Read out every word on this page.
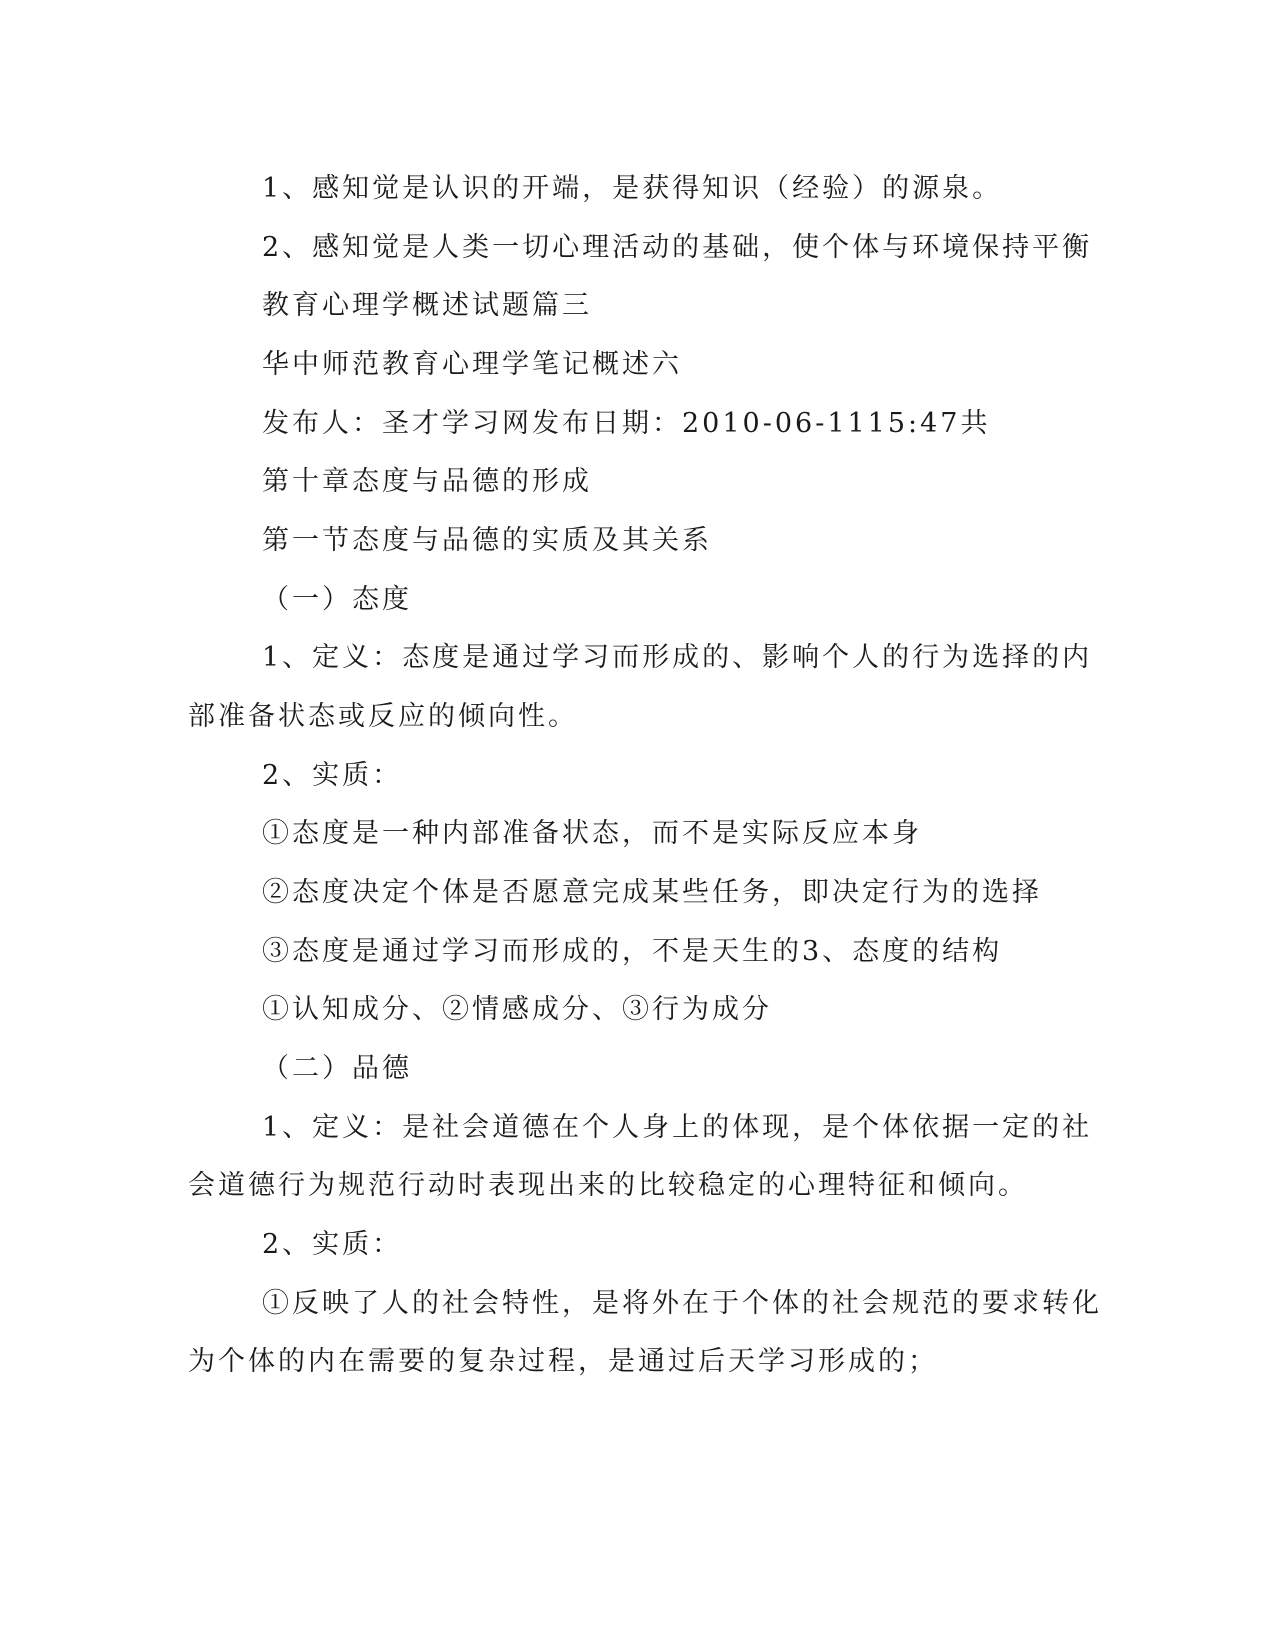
1、感知觉是认识的开端，是获得知识（经验）的源泉。
2、感知觉是人类一切心理活动的基础，使个体与环境保持平衡
教育心理学概述试题篇三
华中师范教育心理学笔记概述六
发布人：圣才学习网发布日期：2010-06-1115:47共
第十章态度与品德的形成
第一节态度与品德的实质及其关系
（一）态度
1、定义：态度是通过学习而形成的、影响个人的行为选择的内
部准备状态或反应的倾向性。
2、实质：
①态度是一种内部准备状态，而不是实际反应本身
②态度决定个体是否愿意完成某些任务，即决定行为的选择
③态度是通过学习而形成的，不是天生的3、态度的结构
①认知成分、②情感成分、③行为成分
（二）品德
1、定义：是社会道德在个人身上的体现，是个体依据一定的社
会道德行为规范行动时表现出来的比较稳定的心理特征和倾向。
2、实质：
①反映了人的社会特性，是将外在于个体的社会规范的要求转化
为个体的内在需要的复杂过程，是通过后天学习形成的；
